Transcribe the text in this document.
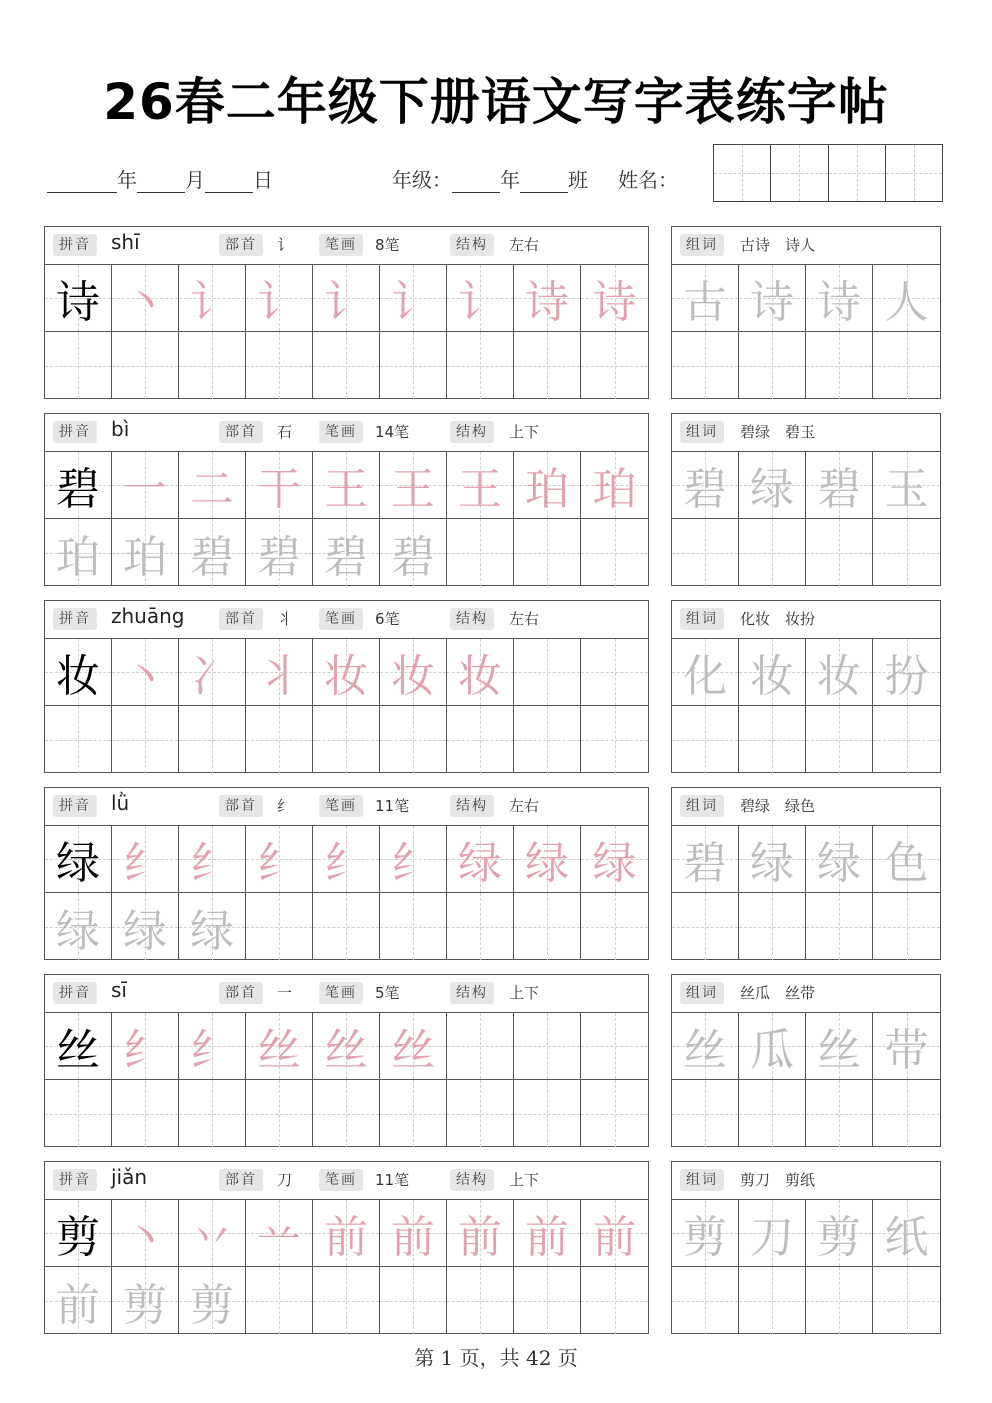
26春二年级下册语文写字表练字帖
年 月 日	年级： 年 班 姓名：
拼音	shī	部首	讠	笔画	8笔	结构	左右
诗 丶 讠 讠 讠 讠 讠 诗 诗
组词	古诗　诗人
古 诗 诗 人
拼音	bì	部首	石	笔画	14笔	结构	上下
碧 一 二 干 王 王 王 珀 珀
珀 珀 碧 碧 碧 碧
组词	碧绿　碧玉
碧 绿 碧 玉
拼音	zhuāng	部首	丬	笔画	6笔	结构	左右
妆 丶 冫 丬 妆 妆 妆
组词	化妆　妆扮
化 妆 妆 扮
拼音	lǜ	部首	纟	笔画	11笔	结构	左右
绿 纟 纟 纟 纟 纟 绿 绿 绿
绿 绿 绿
组词	碧绿　绿色
碧 绿 绿 色
拼音	sī	部首	一	笔画	5笔	结构	上下
丝 纟 纟 丝 丝 丝
组词	丝瓜　丝带
丝 瓜 丝 带
拼音	jiǎn	部首	刀	笔画	11笔	结构	上下
剪 丶 丷 䒑 前 前 前 前 前
前 剪 剪
组词	剪刀　剪纸
剪 刀 剪 纸
第 1 页，共 42 页
